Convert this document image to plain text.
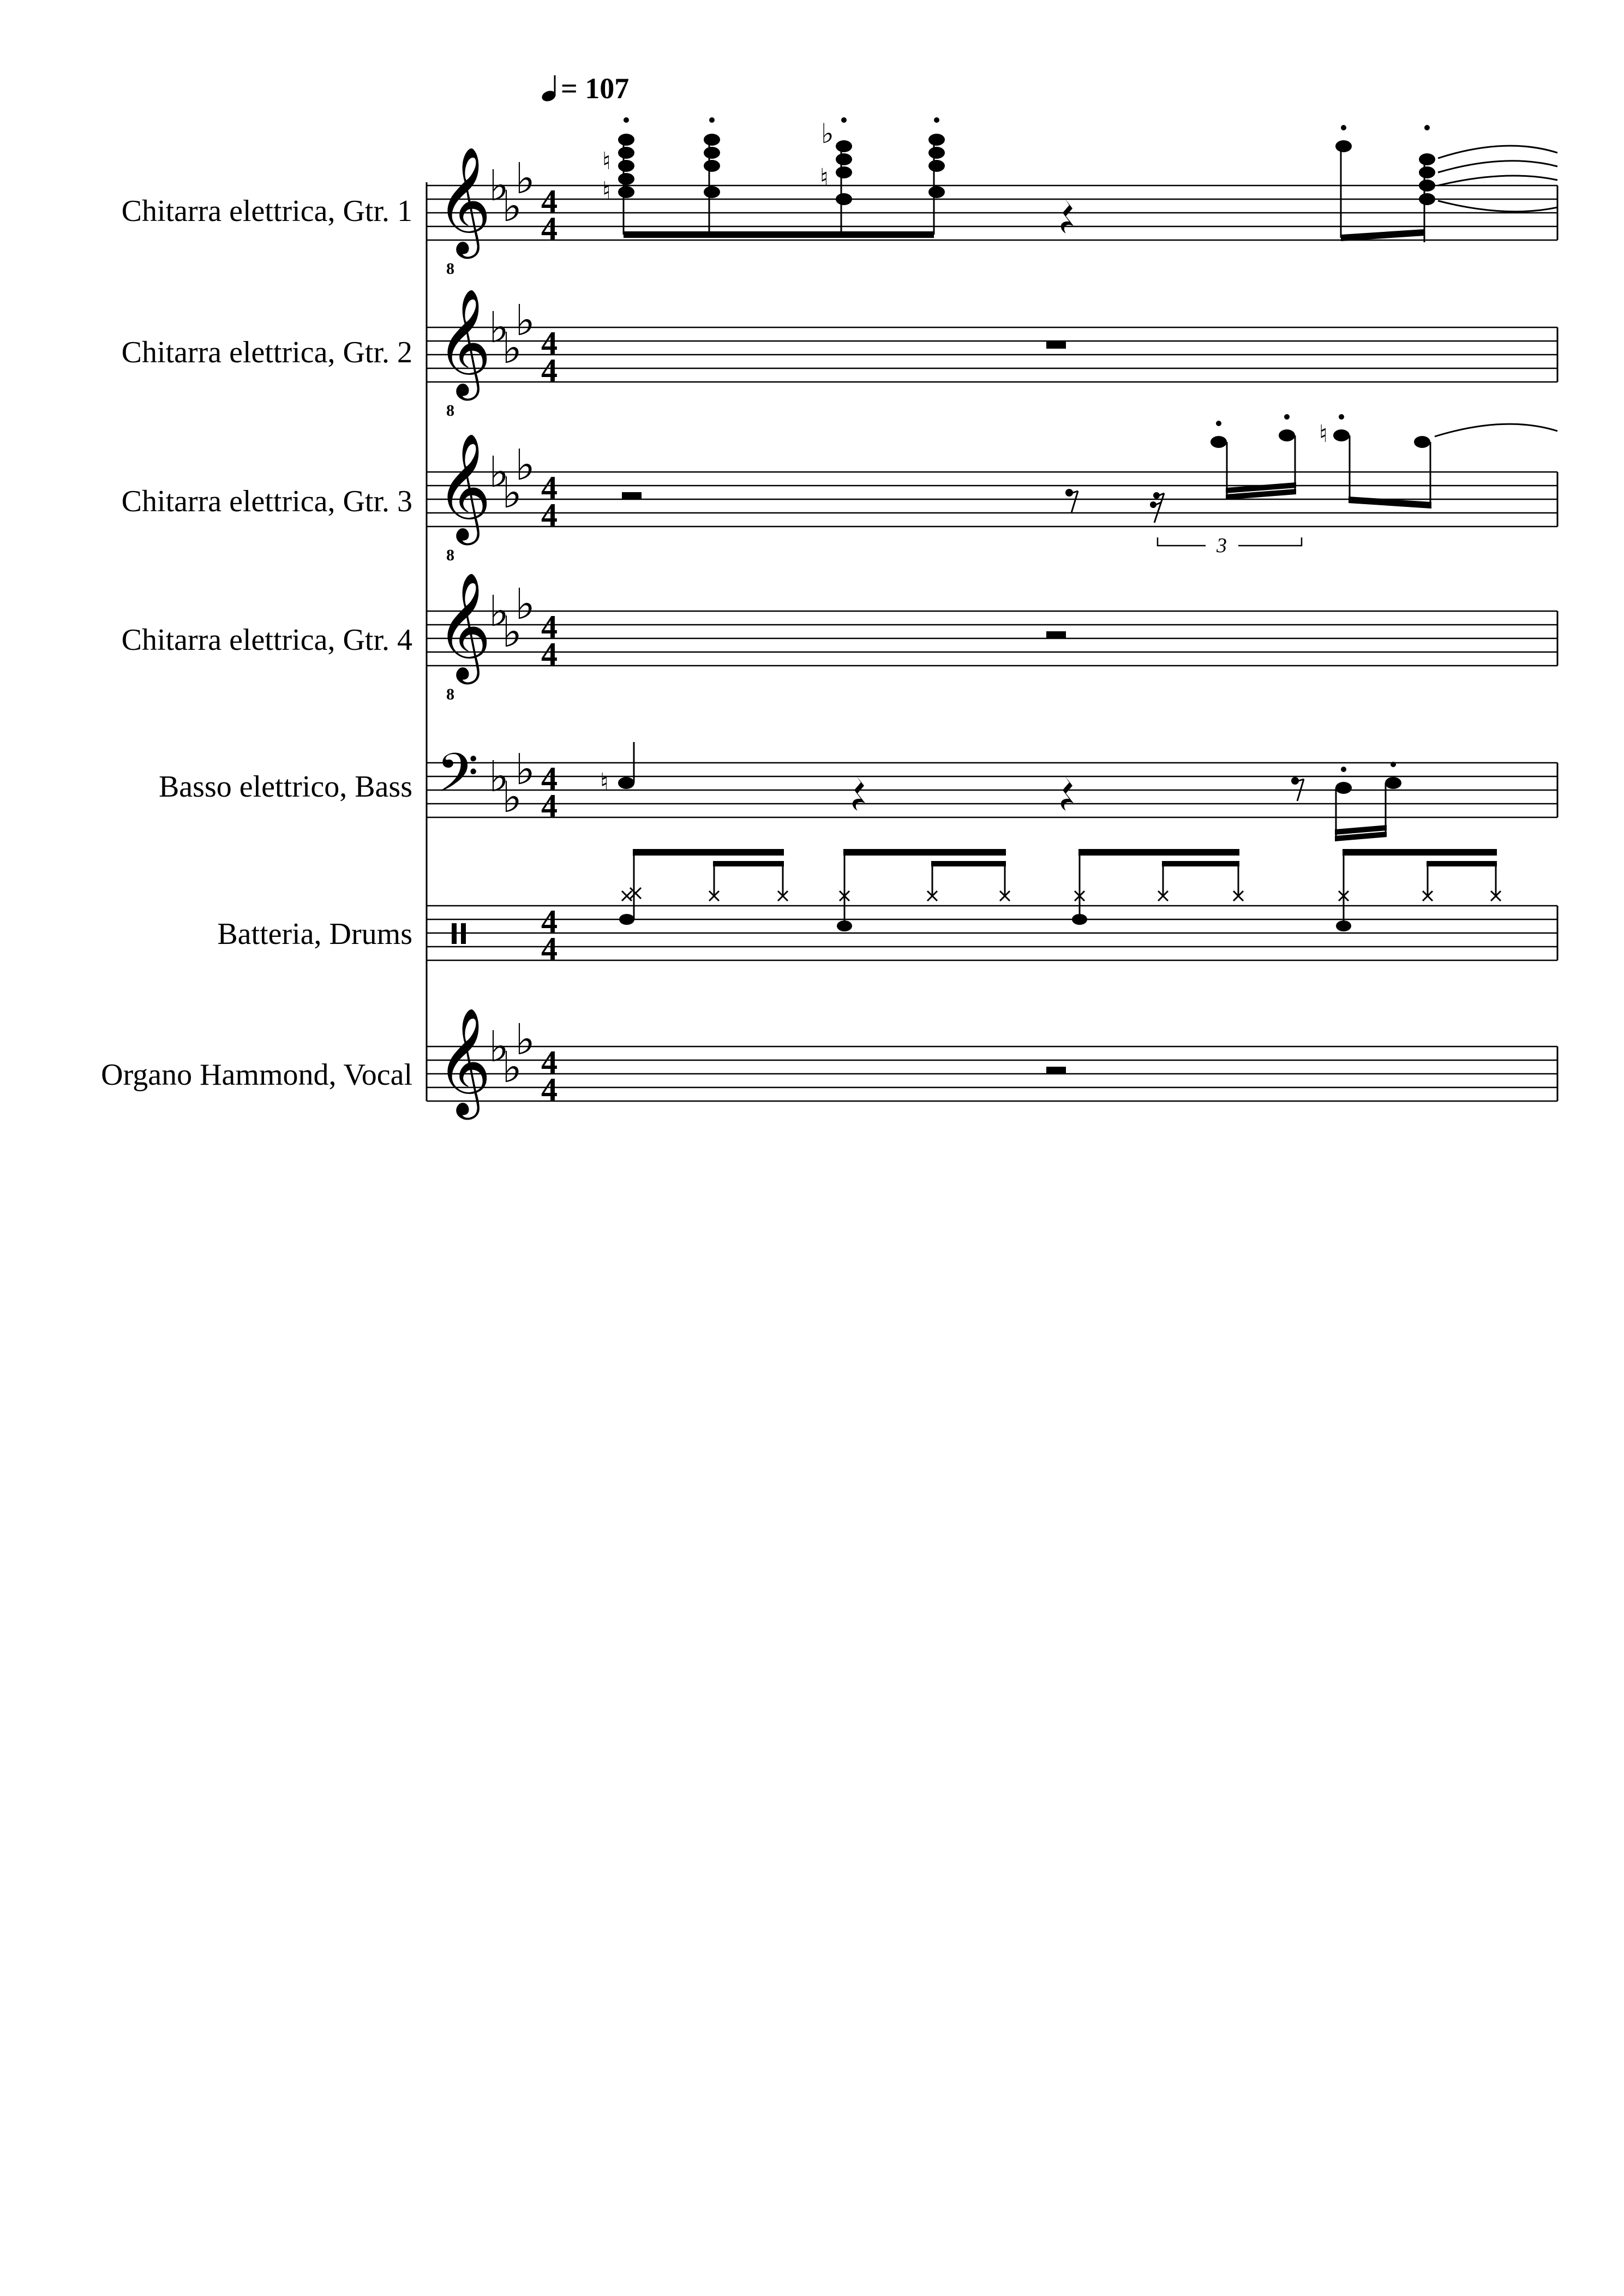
= 107
Chitarra elettrica, Gtr. 1 𝄞
8
♭
♭
♭ 4
4
♮
♮
♮
♭
Chitarra elettrica, Gtr. 2 𝄞
8
♭
♭
♭ 4
4
Chitarra elettrica, Gtr. 3 𝄞
8
♭
♭
♭ 4
4
3
♮
Chitarra elettrica, Gtr. 4 𝄞
8
♭
♭
♭ 4
4
Basso elettrico, Bass 𝄢 ♭
♭
♭ 4
4
♮
Batteria, Drums	4
4
Organo Hammond, Vocal 𝄞
♭
♭
♭ 4
4
